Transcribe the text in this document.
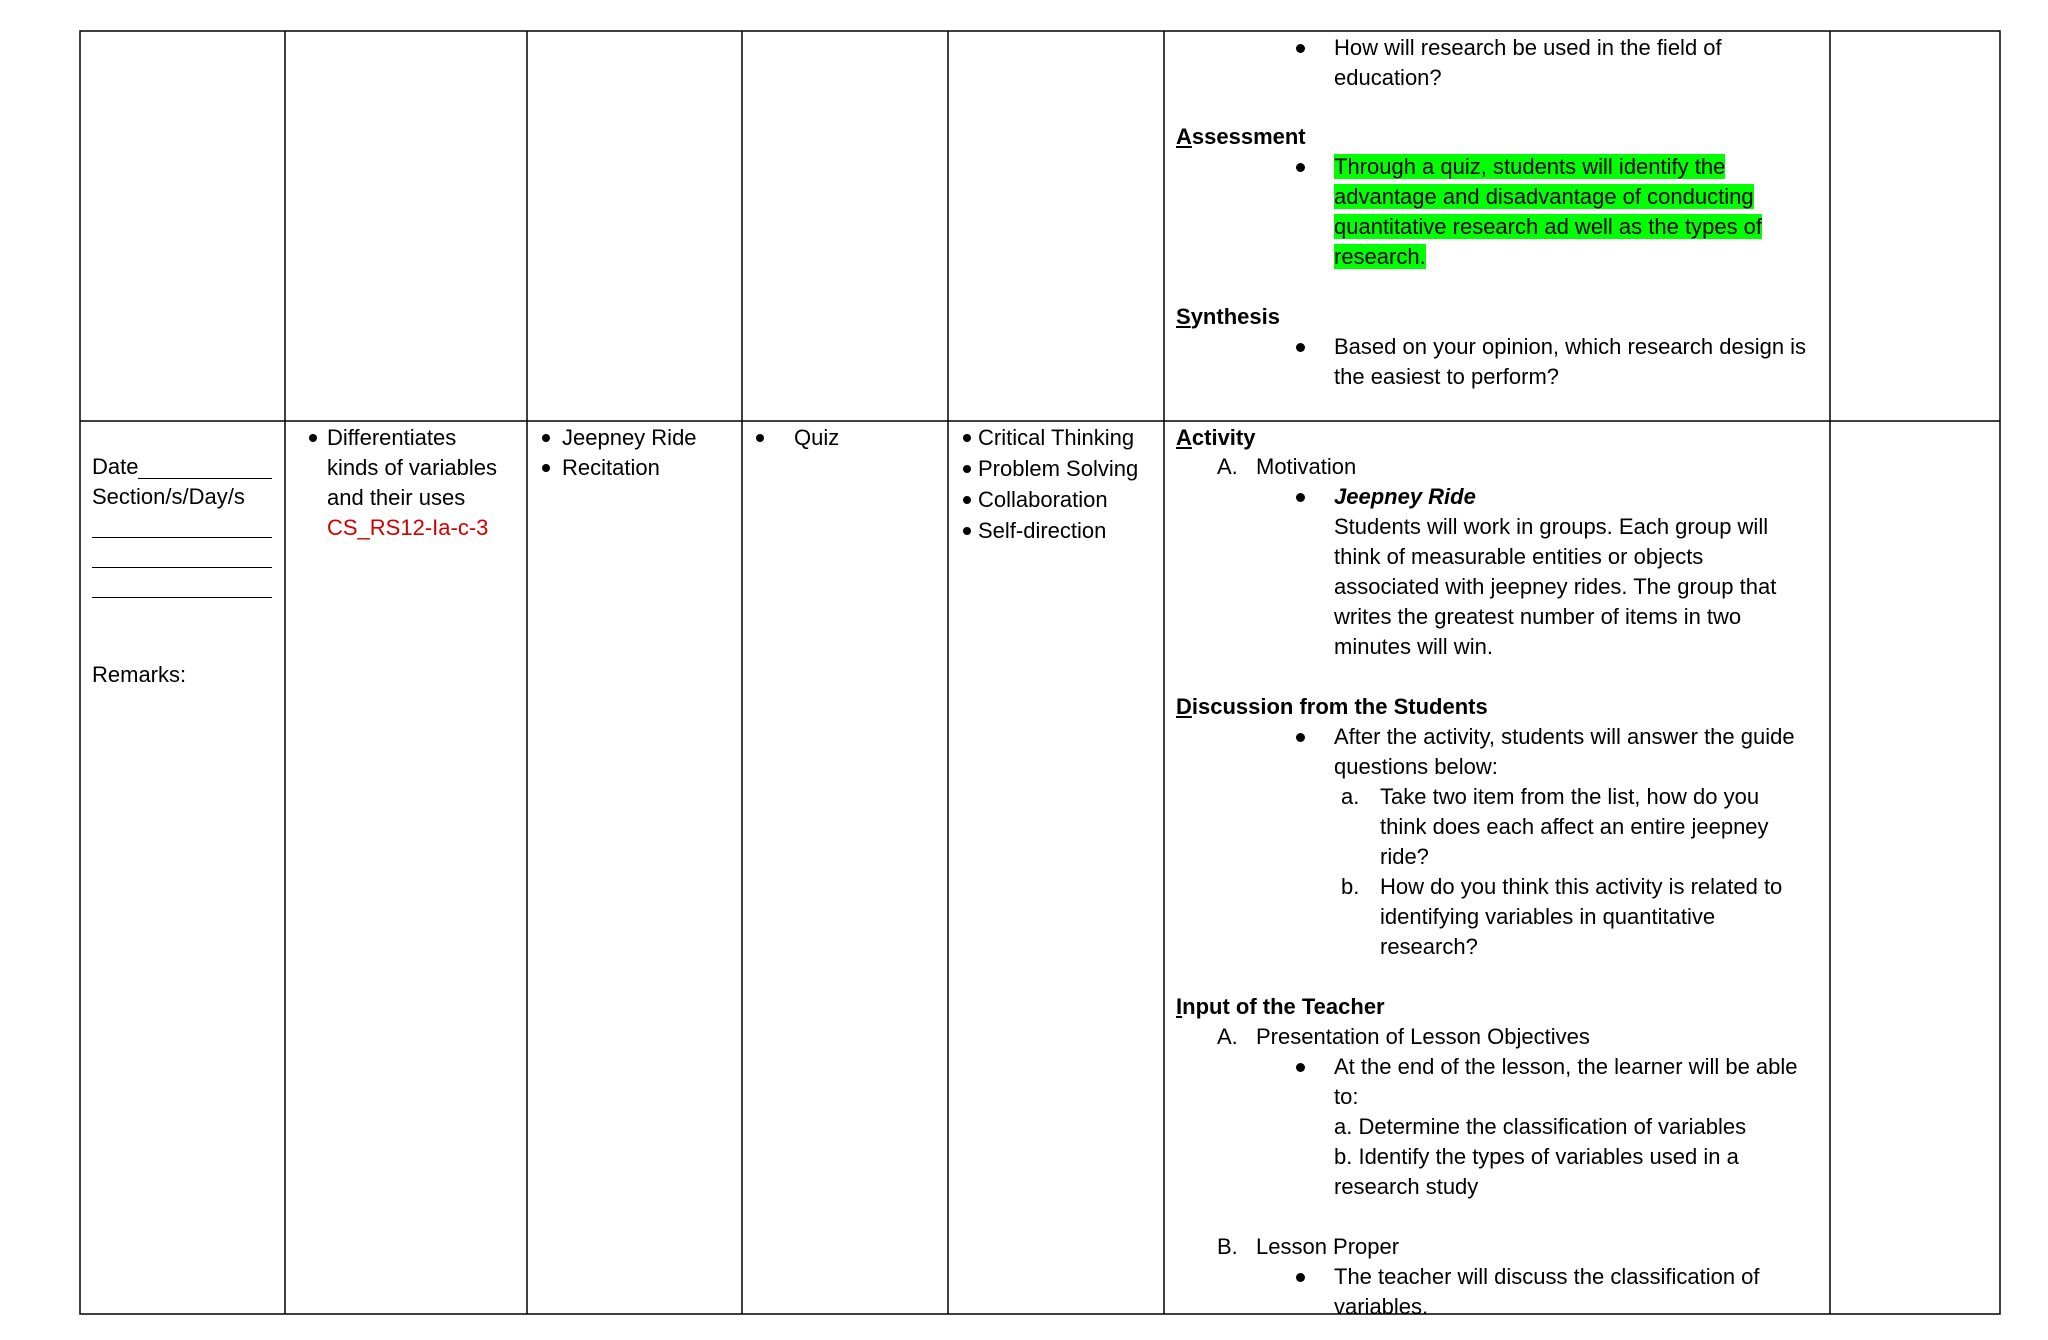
How will research be used in the field of
education?
Assessment
Through a quiz, students will identify the
advantage and disadvantage of conducting
quantitative research ad well as the types of
research.
Synthesis
Based on your opinion, which research design is
the easiest to perform?
Date
Section/s/Day/s
Remarks:
Differentiates
kinds of variables
and their uses
CS_RS12-Ia-c-3
Jeepney Ride
Recitation
Quiz	Critical Thinking
Problem Solving
Collaboration
Self-direction
Activity
A. Motivation
Jeepney Ride
Students will work in groups. Each group will
think of measurable entities or objects
associated with jeepney rides. The group that
writes the greatest number of items in two
minutes will win.
Discussion from the Students
After the activity, students will answer the guide
questions below:
a. Take two item from the list, how do you
think does each affect an entire jeepney
ride?
b. How do you think this activity is related to
identifying variables in quantitative
research?
Input of the Teacher
A. Presentation of Lesson Objectives
At the end of the lesson, the learner will be able
to:
a. Determine the classification of variables
b. Identify the types of variables used in a
research study
B. Lesson Proper
The teacher will discuss the classification of
variables.
